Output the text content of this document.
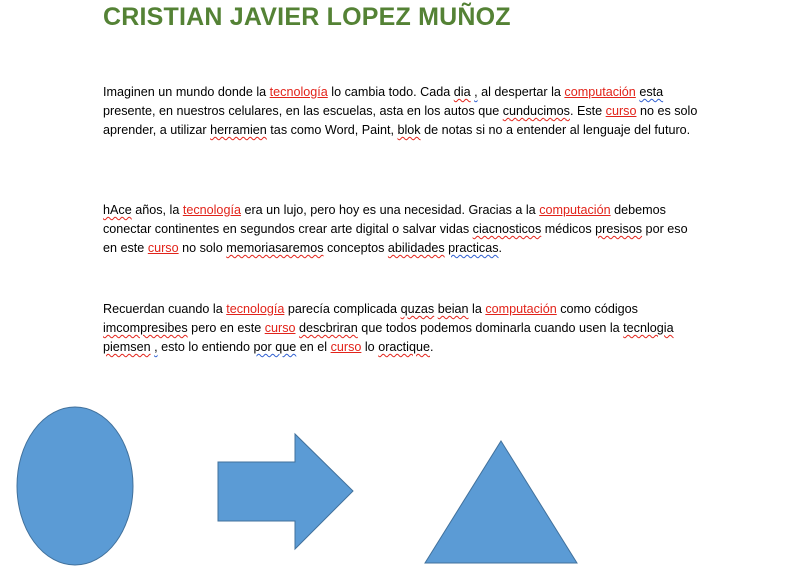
CRISTIAN JAVIER LOPEZ MUÑOZ

Imaginen un mundo donde la tecnología lo cambia todo. Cada dia , al despertar la computación esta presente, en nuestros celulares, en las escuelas, asta en los autos que cunducimos. Este curso no es solo aprender, a utilizar herramien tas como Word, Paint, blok de notas si no a entender al lenguaje del futuro.

hAce años, la tecnología era un lujo, pero hoy es una necesidad. Gracias a la computación debemos conectar continentes en segundos crear arte digital o salvar vidas ciacnosticos médicos presisos por eso en este curso no solo memoriasaremos conceptos abilidades practicas.

Recuerdan cuando la tecnología parecía complicada quzas beian la computación como códigos imcompresibes pero en este curso descbriran que todos podemos dominarla cuando usen la tecnlogia piemsen , esto lo entiendo por que en el curso lo oractique.
